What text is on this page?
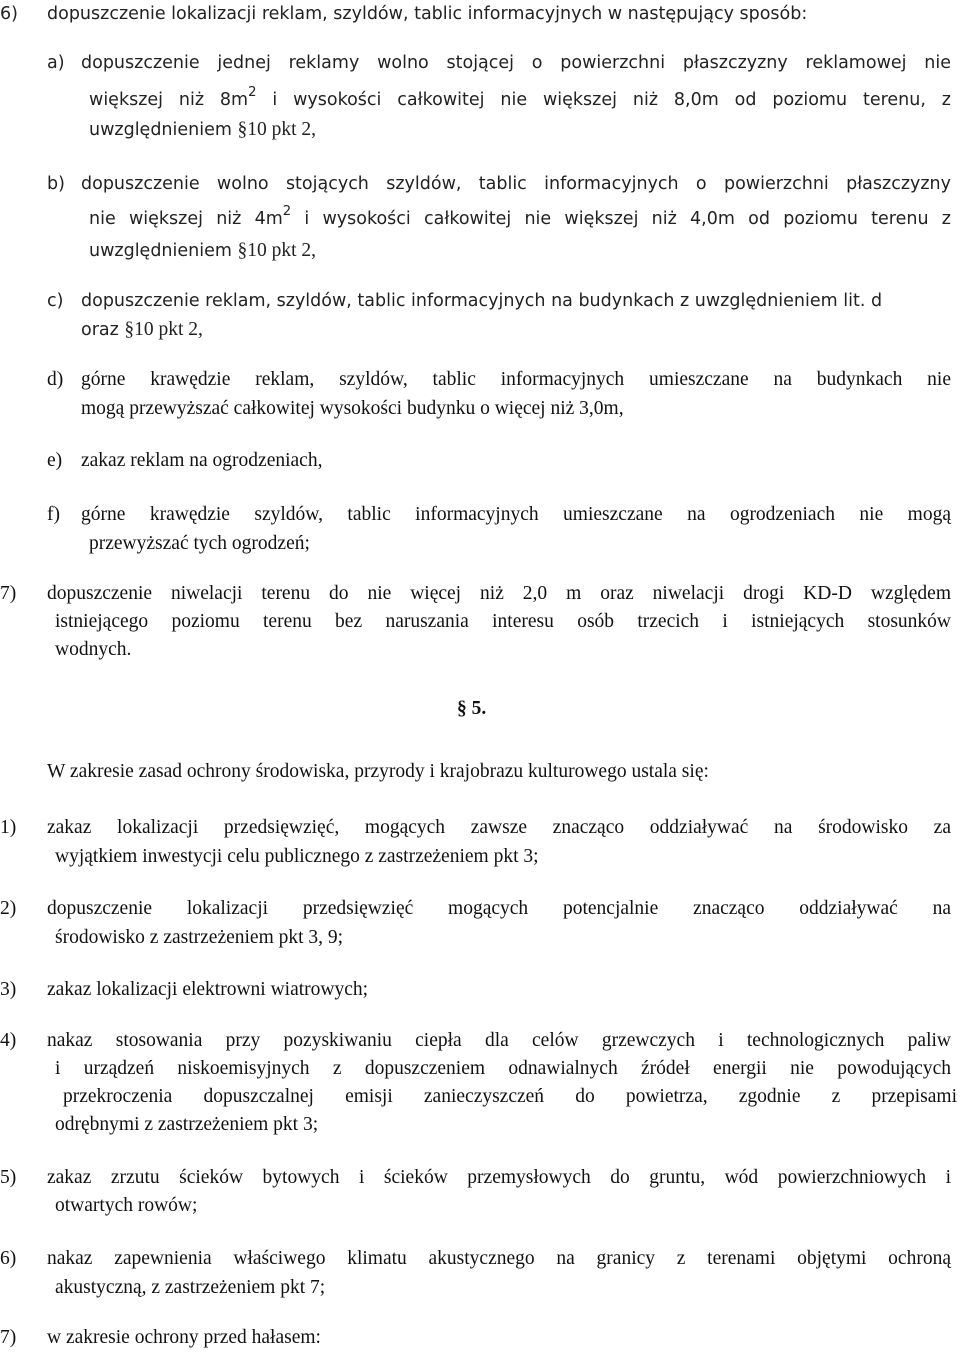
6) dopuszczenie lokalizacji reklam, szyldów, tablic informacyjnych w następujący sposób:
a) dopuszczenie jednej reklamy wolno stojącej o powierzchni płaszczyzny reklamowej nie
większej niż $8m^2$ i wysokości całkowitej nie większej niż 8,0m od poziomu terenu, z
uwzględnieniem §10 pkt 2,
b) dopuszczenie wolno stojących szyldów, tablic informacyjnych o powierzchni płaszczyzny
nie większej niż $4m^2$ i wysokości całkowitej nie większej niż 4,0m od poziomu terenu z
uwzględnieniem §10 pkt 2,
c) dopuszczenie reklam, szyldów, tablic informacyjnych na budynkach z uwzględnieniem lit. d
oraz §10 pkt 2,
d) górne krawędzie reklam, szyldów, tablic informacyjnych umieszczane na budynkach nie
mogą przewyższać całkowitej wysokości budynku o więcej niż 3,0m,
e) zakaz reklam na ogrodzeniach,
f) górne krawędzie szyldów, tablic informacyjnych umieszczane na ogrodzeniach nie mogą
przewyższać tych ogrodzeń;
7) dopuszczenie niwelacji terenu do nie więcej niż 2,0 m oraz niwelacji drogi KD-D względem
istniejącego poziomu terenu bez naruszania interesu osób trzecich i istniejących stosunków
wodnych.
§ 5.
W zakresie zasad ochrony środowiska, przyrody i krajobrazu kulturowego ustala się:
1) zakaz lokalizacji przedsięwzięć, mogących zawsze znacząco oddziaływać na środowisko za
wyjątkiem inwestycji celu publicznego z zastrzeżeniem pkt 3;
2) dopuszczenie lokalizacji przedsięwzięć mogących potencjalnie znacząco oddziaływać na
środowisko z zastrzeżeniem pkt 3, 9;
3) zakaz lokalizacji elektrowni wiatrowych;
4) nakaz stosowania przy pozyskiwaniu ciepła dla celów grzewczych i technologicznych paliw
i urządzeń niskoemisyjnych z dopuszczeniem odnawialnych źródeł energii nie powodujących
przekroczenia dopuszczalnej emisji zanieczyszczeń do powietrza, zgodnie z przepisami
odrębnymi z zastrzeżeniem pkt 3;
5) zakaz zrzutu ścieków bytowych i ścieków przemysłowych do gruntu, wód powierzchniowych i
otwartych rowów;
6) nakaz zapewnienia właściwego klimatu akustycznego na granicy z terenami objętymi ochroną
akustyczną, z zastrzeżeniem pkt 7;
7) w zakresie ochrony przed hałasem:
